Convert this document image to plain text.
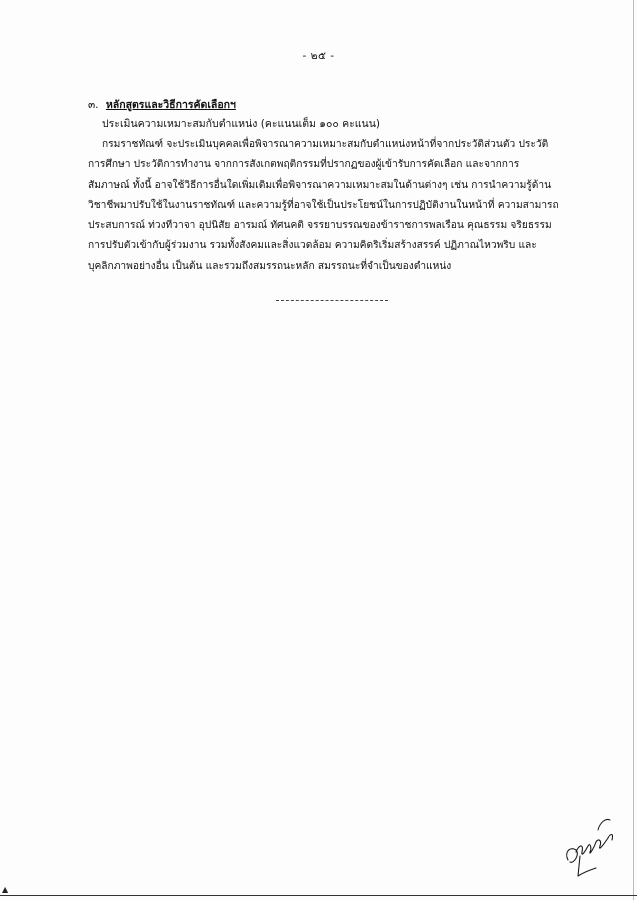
- ๒๕ -
๓. หลักสูตรและวิธีการคัดเลือกฯ
ประเมินความเหมาะสมกับตำแหน่ง (คะแนนเต็ม ๑๐๐ คะแนน)
กรมราชทัณฑ์ จะประเมินบุคคลเพื่อพิจารณาความเหมาะสมกับตำแหน่งหน้าที่จากประวัติส่วนตัว ประวัติ
การศึกษา ประวัติการทำงาน จากการสังเกตพฤติกรรมที่ปรากฏของผู้เข้ารับการคัดเลือก และจากการ
สัมภาษณ์ ทั้งนี้ อาจใช้วิธีการอื่นใดเพิ่มเติมเพื่อพิจารณาความเหมาะสมในด้านต่างๆ เช่น การนำความรู้ด้าน
วิชาชีพมาปรับใช้ในงานราชทัณฑ์ และความรู้ที่อาจใช้เป็นประโยชน์ในการปฏิบัติงานในหน้าที่ ความสามารถ
ประสบการณ์ ท่วงทีวาจา อุปนิสัย อารมณ์ ทัศนคติ จรรยาบรรณของข้าราชการพลเรือน คุณธรรม จริยธรรม
การปรับตัวเข้ากับผู้ร่วมงาน รวมทั้งสังคมและสิ่งแวดล้อม ความคิดริเริ่มสร้างสรรค์ ปฏิภาณไหวพริบ และ
บุคลิกภาพอย่างอื่น เป็นต้น และรวมถึงสมรรถนะหลัก สมรรถนะที่จำเป็นของตำแหน่ง
▲
